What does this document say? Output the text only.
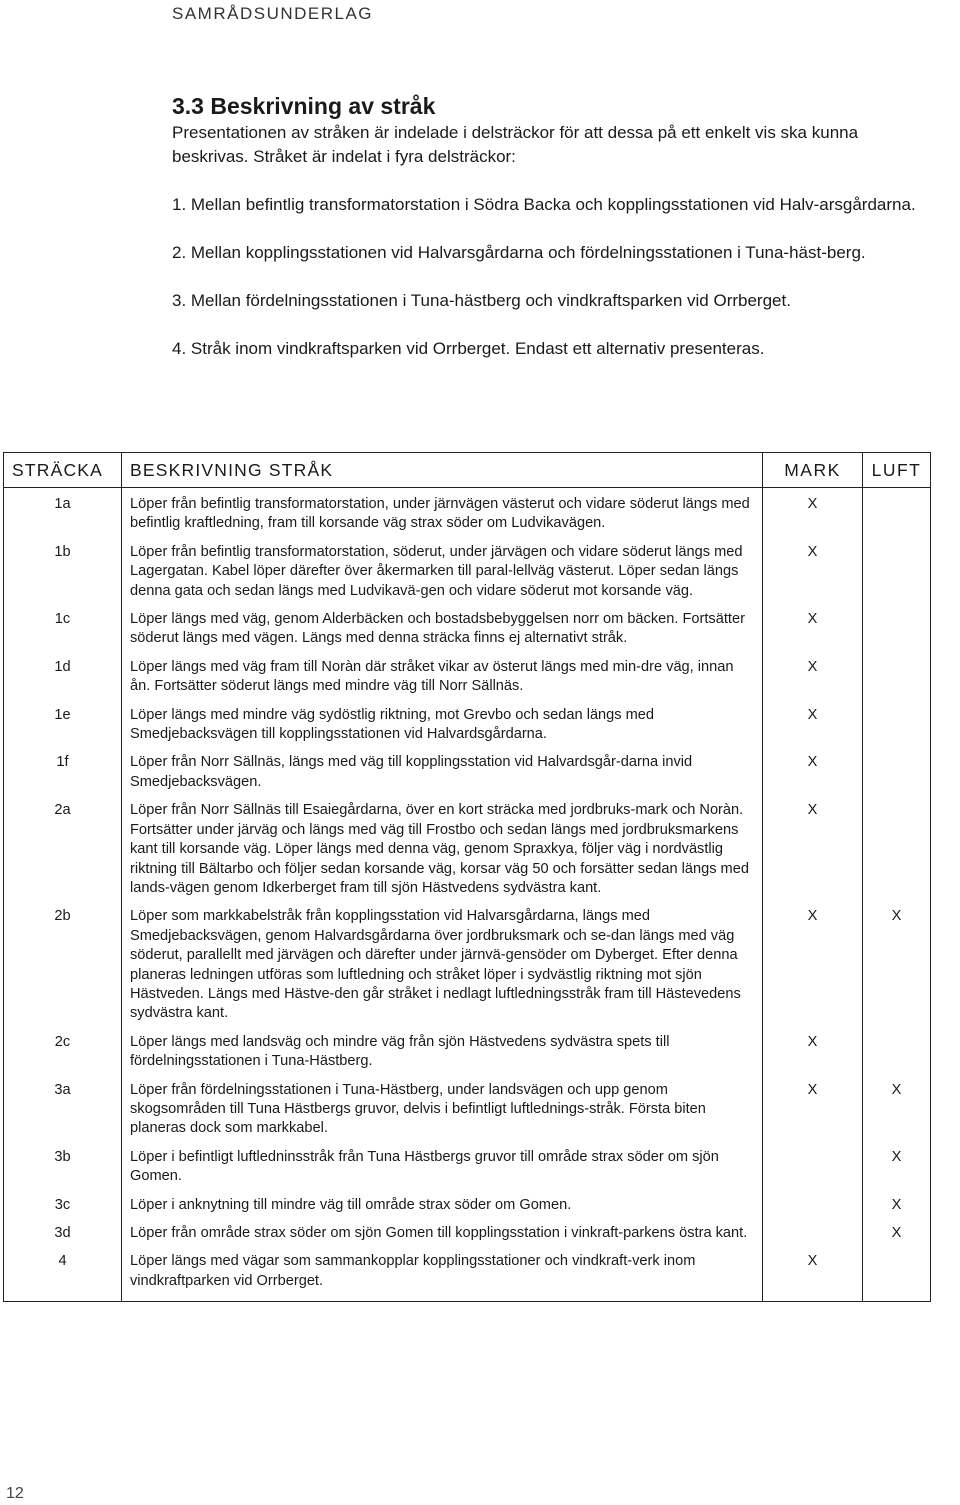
SAMRÅDSUNDERLAG
3.3 Beskrivning av stråk

Presentationen av stråken är indelade i delsträckor för att dessa på ett enkelt vis ska kunna beskrivas. Stråket är indelat i fyra delsträckor:

1. Mellan befintlig transformatorstation i Södra Backa och kopplingsstationen vid Halv-arsgårdarna.
2. Mellan kopplingsstationen vid Halvarsgårdarna och fördelningsstationen i Tuna-häst-berg.
3. Mellan fördelningsstationen i Tuna-hästberg och vindkraftsparken vid Orrberget.
4. Stråk inom vindkraftsparken vid Orrberget. Endast ett alternativ presenteras.
STRÄCKA	BESKRIVNING STRÅK	MARK	LUFT
1a	Löper från befintlig transformatorstation, under järnvägen västerut och vidare söderut längs med befintlig kraftledning, fram till korsande väg strax söder om Ludvikavägen.	X	
1b	Löper från befintlig transformatorstation, söderut, under järvägen och vidare söderut längs med Lagergatan. Kabel löper därefter över åkermarken till paral-lellväg västerut. Löper sedan längs denna gata och sedan längs med Ludvikavä-gen och vidare söderut mot korsande väg.	X	
1c	Löper längs med väg, genom Alderbäcken och bostadsbebyggelsen norr om bäcken. Fortsätter söderut längs med vägen. Längs med denna sträcka finns ej alternativt stråk.	X	
1d	Löper längs med väg fram till Noràn där stråket vikar av österut längs med min-dre väg, innan ån. Fortsätter söderut längs med mindre väg till Norr Sällnäs.	X	
1e	Löper längs med mindre väg sydöstlig riktning, mot Grevbo och sedan längs med Smedjebacksvägen till kopplingsstationen vid Halvardsgårdarna.	X	
1f	Löper från Norr Sällnäs, längs med väg till kopplingsstation vid Halvardsgår-darna invid Smedjebacksvägen.	X	
2a	Löper från Norr Sällnäs till Esaiegårdarna, över en kort sträcka med jordbruks-mark och Noràn. Fortsätter under järväg och längs med väg till Frostbo och sedan längs med jordbruksmarkens kant till korsande väg. Löper längs med denna väg, genom Spraxkya, följer väg i nordvästlig riktning till Bältarbo och följer sedan korsande väg, korsar väg 50 och forsätter sedan längs med lands-vägen genom Idkerberget fram till sjön Hästvedens sydvästra kant.	X	
2b	Löper som markkabelstråk från kopplingsstation vid Halvarsgårdarna, längs med Smedjebacksvägen, genom Halvardsgårdarna över jordbruksmark och se-dan längs med väg söderut, parallellt med järvägen och därefter under järnvä-gensöder om Dyberget. Efter denna planeras ledningen utföras som luftledning och stråket löper i sydvästlig riktning mot sjön Hästveden. Längs med Hästve-den går stråket i nedlagt luftledningsstråk fram till Hästevedens sydvästra kant.	X	X
2c	Löper längs med landsväg och mindre väg från sjön Hästvedens sydvästra spets till fördelningsstationen i Tuna-Hästberg.	X	
3a	Löper från fördelningsstationen i Tuna-Hästberg, under landsvägen och upp genom skogsområden till Tuna Hästbergs gruvor, delvis i befintligt luftlednings-stråk. Första biten planeras dock som markkabel.	X	X
3b	Löper i befintligt luftledninsstråk från Tuna Hästbergs gruvor till område strax söder om sjön Gomen.		X
3c	Löper i anknytning till mindre väg till område strax söder om Gomen.		X
3d	Löper från område strax söder om sjön Gomen till kopplingsstation i vinkraft-parkens östra kant.		X
4	Löper längs med vägar som sammankopplar kopplingsstationer och vindkraft-verk inom vindkraftparken vid Orrberget.	X	
12
